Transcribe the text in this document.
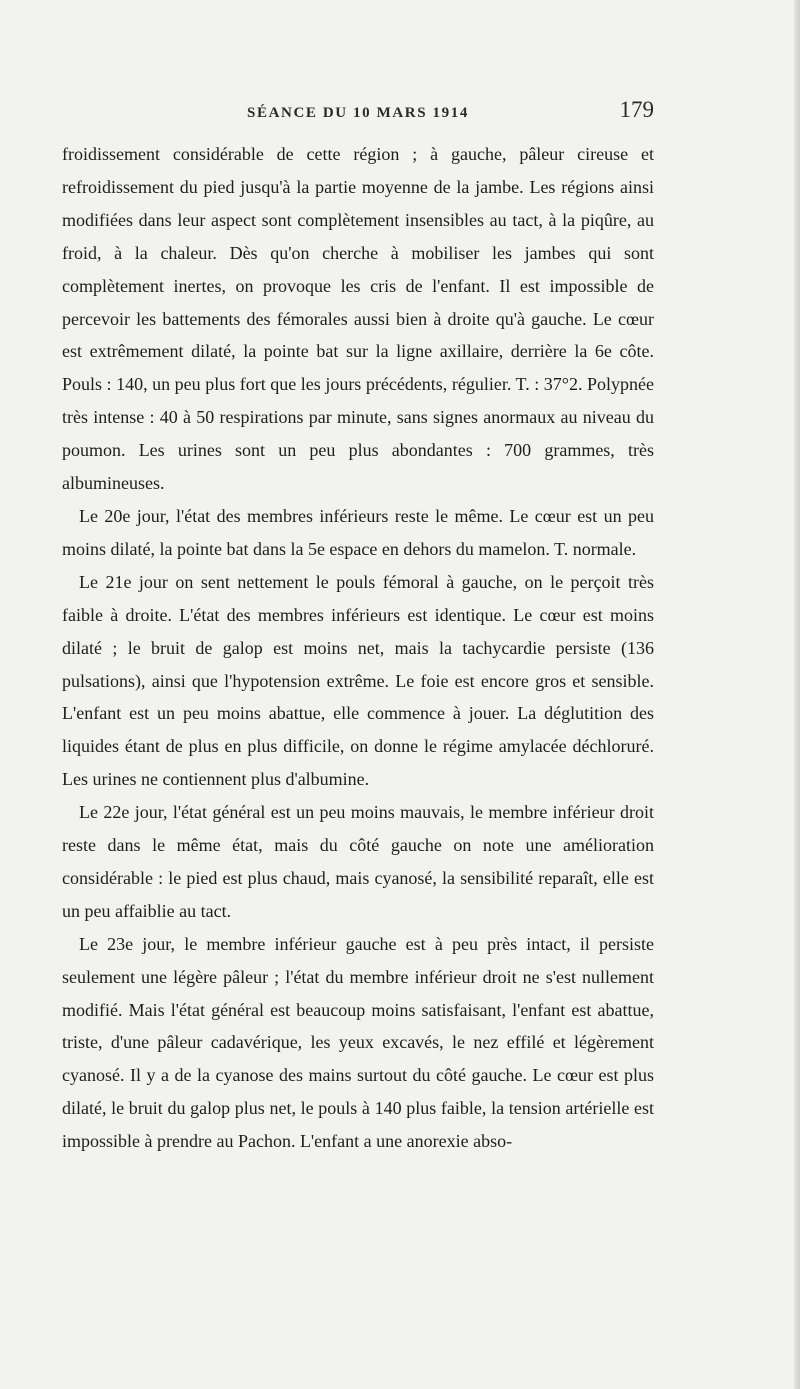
SÉANCE DU 10 MARS 1914	179

froidissement considérable de cette région ; à gauche, pâleur cireuse et refroidissement du pied jusqu'à la partie moyenne de la jambe. Les régions ainsi modifiées dans leur aspect sont complètement insensibles au tact, à la piqûre, au froid, à la chaleur. Dès qu'on cherche à mobiliser les jambes qui sont complètement inertes, on provoque les cris de l'enfant. Il est impossible de percevoir les battements des fémorales aussi bien à droite qu'à gauche. Le cœur est extrêmement dilaté, la pointe bat sur la ligne axillaire, derrière la 6e côte. Pouls : 140, un peu plus fort que les jours précédents, régulier. T. : 37°2. Polypnée très intense : 40 à 50 respirations par minute, sans signes anormaux au niveau du poumon. Les urines sont un peu plus abondantes : 700 grammes, très albumineuses.

Le 20e jour, l'état des membres inférieurs reste le même. Le cœur est un peu moins dilaté, la pointe bat dans la 5e espace en dehors du mamelon. T. normale.

Le 21e jour on sent nettement le pouls fémoral à gauche, on le perçoit très faible à droite. L'état des membres inférieurs est identique. Le cœur est moins dilaté ; le bruit de galop est moins net, mais la tachycardie persiste (136 pulsations), ainsi que l'hypotension extrême. Le foie est encore gros et sensible. L'enfant est un peu moins abattue, elle commence à jouer. La déglutition des liquides étant de plus en plus difficile, on donne le régime amylacée déchloruré. Les urines ne contiennent plus d'albumine.

Le 22e jour, l'état général est un peu moins mauvais, le membre inférieur droit reste dans le même état, mais du côté gauche on note une amélioration considérable : le pied est plus chaud, mais cyanosé, la sensibilité reparaît, elle est un peu affaiblie au tact.

Le 23e jour, le membre inférieur gauche est à peu près intact, il persiste seulement une légère pâleur ; l'état du membre inférieur droit ne s'est nullement modifié. Mais l'état général est beaucoup moins satisfaisant, l'enfant est abattue, triste, d'une pâleur cadavérique, les yeux excavés, le nez effilé et légèrement cyanosé. Il y a de la cyanose des mains surtout du côté gauche. Le cœur est plus dilaté, le bruit du galop plus net, le pouls à 140 plus faible, la tension artérielle est impossible à prendre au Pachon. L'enfant a une anorexie abso-
